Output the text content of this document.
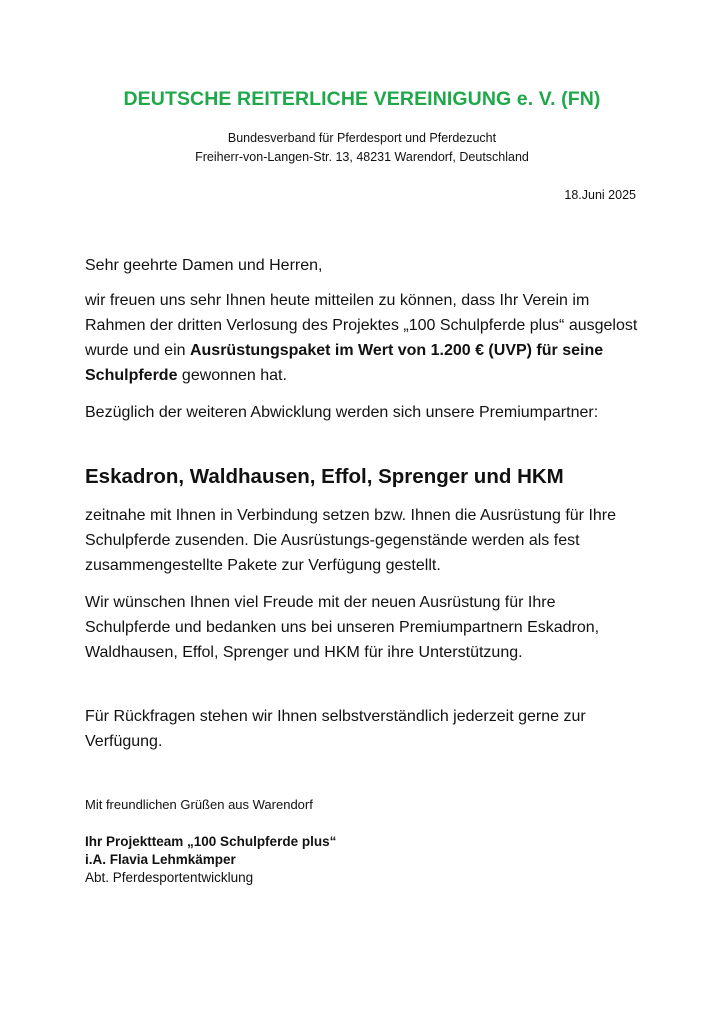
DEUTSCHE REITERLICHE VEREINIGUNG e. V. (FN)
Bundesverband für Pferdesport und Pferdezucht
Freiherr-von-Langen-Str. 13, 48231 Warendorf, Deutschland
18.Juni 2025
Sehr geehrte Damen und Herren,
wir freuen uns sehr Ihnen heute mitteilen zu können, dass Ihr Verein im Rahmen der dritten Verlosung des Projektes „100 Schulpferde plus“ ausgelost wurde und ein Ausrüstungspaket im Wert von 1.200 € (UVP) für seine Schulpferde gewonnen hat.
Bezüglich der weiteren Abwicklung werden sich unsere Premiumpartner:
Eskadron, Waldhausen, Effol, Sprenger und HKM
zeitnahe mit Ihnen in Verbindung setzen bzw. Ihnen die Ausrüstung für Ihre Schulpferde zusenden. Die Ausrüstungs-gegenstände werden als fest zusammengestellte Pakete zur Verfügung gestellt.
Wir wünschen Ihnen viel Freude mit der neuen Ausrüstung für Ihre Schulpferde und bedanken uns bei unseren Premiumpartnern Eskadron, Waldhausen, Effol, Sprenger und HKM für ihre Unterstützung.
Für Rückfragen stehen wir Ihnen selbstverständlich jederzeit gerne zur Verfügung.
Mit freundlichen Grüßen aus Warendorf
Ihr Projektteam „100 Schulpferde plus“
i.A. Flavia Lehmkämper
Abt. Pferdesportentwicklung
